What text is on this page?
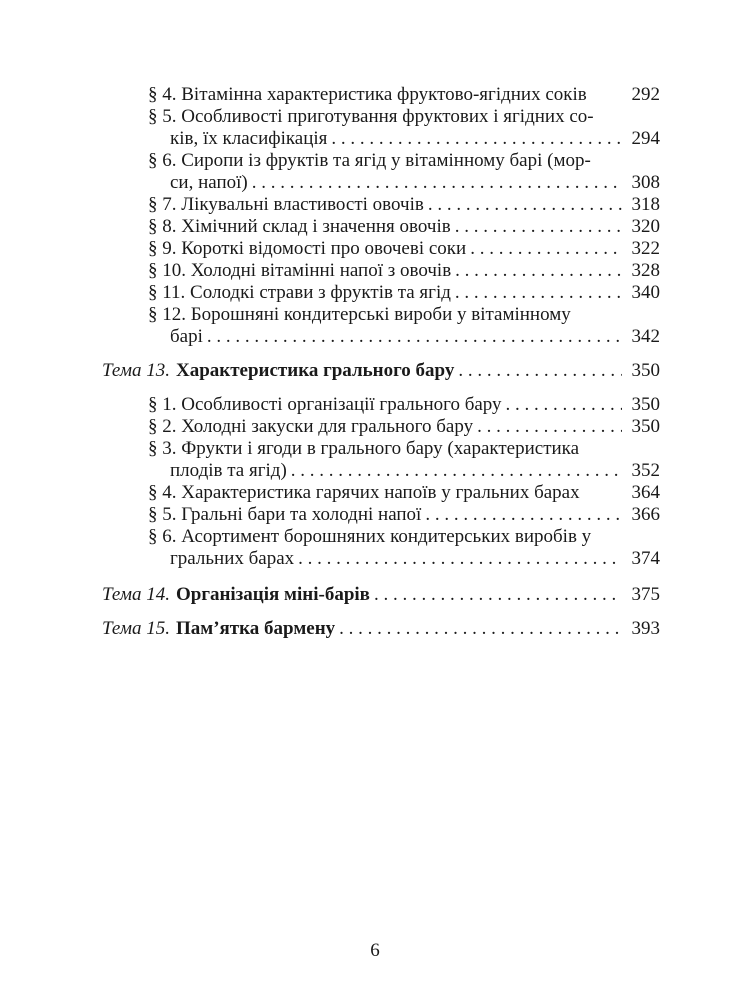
§ 4. Вітамінна характеристика фруктово-ягідних соків 292
§ 5. Особливості приготування фруктових і ягідних со-
ків, їх класифікація . . .	294
§ 6. Сиропи із фруктів та ягід у вітамінному барі (мор-
си, напої) . . .	308
§ 7. Лікувальні властивості овочів . . .	318
§ 8. Хімічний склад і значення овочів . . .	320
§ 9. Короткі відомості про овочеві соки . . .	322
§ 10. Холодні вітамінні напої з овочів . . .	328
§ 11. Солодкі страви з фруктів та ягід . . .	340
§ 12. Борошняні кондитерські вироби у вітамінному
барі . . .	342
Тема 13. Характеристика грального бару . . .	350
§ 1. Особливості організації грального бару . . .	350
§ 2. Холодні закуски для грального бару . . .	350
§ 3. Фрукти і ягоди в грального бару (характеристика
плодів та ягід) . . .	352
§ 4. Характеристика гарячих напоїв у гральних барах	364
§ 5. Гральні бари та холодні напої . . .	366
§ 6. Асортимент борошняних кондитерських виробів у
гральних барах . . .	374
Тема 14. Організація міні-барів . . .	375
Тема 15. Пам’ятка бармену . . .	393
6
